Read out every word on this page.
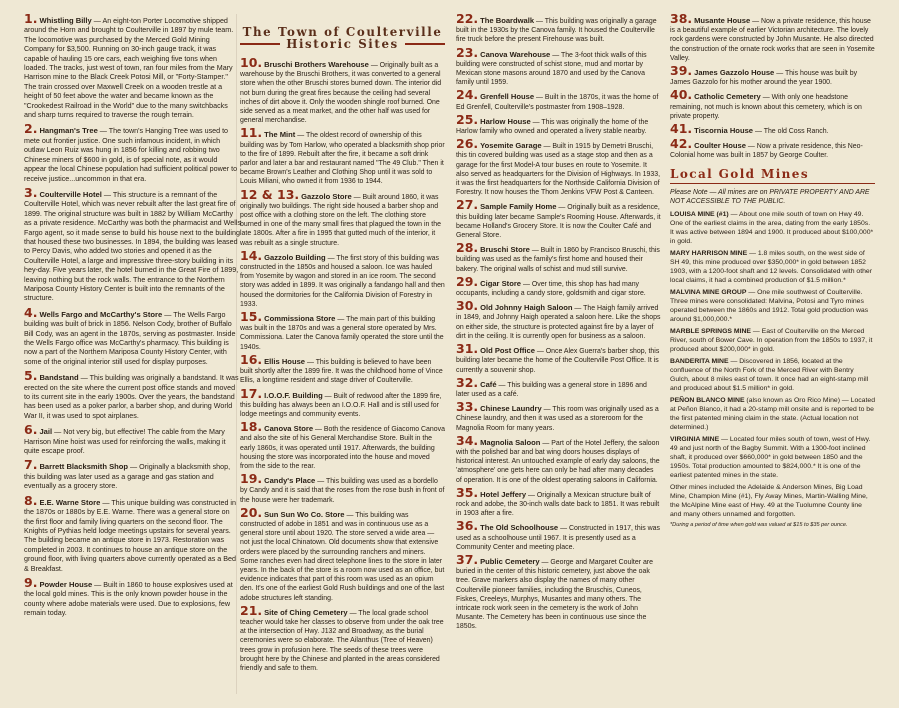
1. Whistling Billy — An eight-ton Porter Locomotive shipped around the Horn and brought to Coulterville in 1897 by mule team. The locomotive was purchased by the Merced Gold Mining Company for $3,500. Running on 30-inch gauge track, it was capable of hauling 15 ore cars, each weighing five tons when loaded. The tracks, just west of town, ran four miles from the Mary Harrison mine to the Black Creek Potosi Mill, or "Forty-Stamper." The train crossed over Maxwell Creek on a wooden trestle at a height of 50 feet above the water and became known as the "Crookedest Railroad in the World" due to the many switchbacks and sharp turns required to traverse the rough terrain.

2. Hangman's Tree — The town's Hanging Tree was used to mete out frontier justice. One such infamous incident, in which outlaw Leon Ruiz was hung in 1856 for killing and robbing two Chinese miners of $600 in gold, is of special note, as it would appear the local Chinese population had sufficient political power to receive justice...uncommon in that era.

3. Coulterville Hotel — This structure is a remnant of the Coulterville Hotel, which was never rebuilt after the last great fire of 1899. The original structure was built in 1882 by William McCarthy as a private residence. McCarthy was both the pharmacist and Wells Fargo agent, so it made sense to build his house next to the building that housed these two businesses. In 1894, the building was leased to Percy Davis, who added two stories and opened it as the Coulterville Hotel, a large and impressive three-story building in its hey-day. Five years later, the hotel burned in the Great Fire of 1899, leaving nothing but the rock walls. The entrance to the Northern Mariposa County History Center is built into the remnants of the structure.

4. Wells Fargo and McCarthy's Store — The Wells Fargo building was built of brick in 1856. Nelson Cody, brother of Buffalo Bill Cody, was an agent in the 1870s, serving as postmaster. Inside the Wells Fargo office was McCarthy's pharmacy. This building is now a part of the Northern Mariposa County History Center, with some of the original interior still used for display purposes.

5. Bandstand — This building was originally a bandstand. It was erected on the site where the current post office stands and moved to its current site in the early 1900s. Over the years, the bandstand has been used as a poker parlor, a barber shop, and during World War II, it was used to spot airplanes.

6. Jail — Not very big, but effective! The cable from the Mary Harrison Mine hoist was used for reinforcing the walls, making it quite escape proof.

7. Barrett Blacksmith Shop — Originally a blacksmith shop, this building was later used as a garage and gas station and eventually as a grocery store.

8. E.E. Warne Store — This unique building was constructed in the 1870s or 1880s by E.E. Warne. There was a general store on the first floor and family living quarters on the second floor. The Knights of Pythias held lodge meetings upstairs for several years. The building became an antique store in 1973. Restoration was completed in 2003. It continues to house an antique store on the ground floor, with living quarters above currently operated as a Bed & Breakfast.

9. Powder House — Built in 1860 to house explosives used at the local gold mines. This is the only known powder house in the county where adobe materials were used. Due to explosions, few remain today.

The Town of Coulterville
Historic Sites

10. Bruschi Brothers Warehouse — Originally built as a warehouse by the Bruschi Brothers, it was converted to a general store when the other Bruschi stores burned down. The interior did not burn during the great fires because the ceiling had several inches of dirt above it. Only the wooden shingle roof burned. One side served as a meat market, and the other half was used for general merchandise.

11. The Mint — The oldest record of ownership of this building was by Tom Harlow, who operated a blacksmith shop prior to the fire of 1899. Rebuilt after the fire, it became a soft drink parlor and later a bar and restaurant named "The 49 Club." Then it became Brown's Leather and Clothing Shop until it was sold to Louis Miliani, who owned it from 1936 to 1944.

12 & 13. Gazzolo Store — Built around 1860, it was originally two buildings. The right side housed a barber shop and post office with a clothing store on the left. The clothing store burned in one of the many small fires that plagued the town in the late 1800s. After a fire in 1995 that gutted much of the interior, it was rebuilt as a single structure.

14. Gazzolo Building — The first story of this building was constructed in the 1850s and housed a saloon. Ice was hauled from Yosemite by wagon and stored in an ice room. The second story was added in 1899. It was originally a fandango hall and then housed the dormitories for the California Division of Forestry in 1933.

15. Commissiona Store — The main part of this building was built in the 1870s and was a general store operated by Mrs. Commissiona. Later the Canova family operated the store until the 1940s.

16. Ellis House — This building is believed to have been built shortly after the 1899 fire. It was the childhood home of Vince Ellis, a longtime resident and stage driver of Coulterville.

17. I.O.O.F. Building — Built of redwood after the 1899 fire, this building has always been an I.O.O.F. Hall and is still used for lodge meetings and community events.

18. Canova Store — Both the residence of Giacomo Canova and also the site of his General Merchandise Store. Built in the early 1860s, it was operated until 1917. Afterwards, the building housing the store was incorporated into the house and moved from the side to the rear.

19. Candy's Place — This building was used as a bordello by Candy and it is said that the roses from the rose bush in front of the house were her trademark.

20. Sun Sun Wo Co. Store — This building was constructed of adobe in 1851 and was in continuous use as a general store until about 1920. The store served a wide area — not just the local Chinatown. Old documents show that extensive orders were placed by the surrounding ranchers and miners. Some ranches even had direct telephone lines to the store in later years. In the back of the store is a room now used as an office, but evidence indicates that part of this room was used as an opium den. It's one of the earliest Gold Rush buildings and one of the last adobe structures left standing.

21. Site of Ching Cemetery — The local grade school teacher would take her classes to observe from under the oak tree at the intersection of Hwy. J132 and Broadway, as the burial ceremonies were so elaborate. The Ailanthus (Tree of Heaven) trees grow in profusion here. The seeds of these trees were brought here by the Chinese and planted in the areas considered friendly and safe to them.

22. The Boardwalk — This building was originally a garage built in the 1930s by the Canova family. It housed the Coulterville fire truck before the present Firehouse was built.

23. Canova Warehouse — The 3-foot thick walls of this building were constructed of schist stone, mud and mortar by Mexican stone masons around 1870 and used by the Canova family until 1959.

24. Grenfell House — Built in the 1870s, it was the home of Ed Grenfell, Coulterville's postmaster from 1908–1928.

25. Harlow House — This was originally the home of the Harlow family who owned and operated a livery stable nearby.

26. Yosemite Garage — Built in 1915 by Demetri Bruschi, this tin covered building was used as a stage stop and then as a garage for the first Model-A tour buses en route to Yosemite. It also served as headquarters for the Division of Highways. In 1933, it was the first headquarters for the Northside California Division of Forestry. It now houses the Thom Jenkins VFW Post & Canteen.

27. Sample Family Home — Originally built as a residence, this building later became Sample's Rooming House. Afterwards, it became Holland's Grocery Store. It is now the Coulter Café and General Store.

28. Bruschi Store — Built in 1860 by Francisco Bruschi, this building was used as the family's first home and housed their bakery. The original walls of schist and mud still survive.

29. Cigar Store — Over time, this shop has had many occupants, including a candy store, goldsmith and cigar store.

30. Old Johnny Haigh Saloon — The Haigh family arrived in 1849, and Johnny Haigh operated a saloon here. Like the shops on either side, the structure is protected against fire by a layer of dirt in the ceiling. It is currently open for business as a saloon.

31. Old Post Office — Once Alex Guerra's barber shop, this building later became the home of the Coulterville Post Office. It is currently a souvenir shop.

32. Café — This building was a general store in 1896 and later used as a café.

33. Chinese Laundry — This room was originally used as a Chinese laundry, and then it was used as a storeroom for the Magnolia Room for many years.

34. Magnolia Saloon — Part of the Hotel Jeffery, the saloon with the polished bar and bat wing doors houses displays of historical interest. An untouched example of early day saloons, the 'atmosphere' one gets here can only be had after many decades of operation. It is one of the oldest operating saloons in California.

35. Hotel Jeffery — Originally a Mexican structure built of rock and adobe, the 30-inch walls date back to 1851. It was rebuilt in 1903 after a fire.

36. The Old Schoolhouse — Constructed in 1917, this was used as a schoolhouse until 1967. It is presently used as a Community Center and meeting place.

37. Public Cemetery — George and Margaret Coulter are buried in the center of this historic cemetery, just above the oak tree. Grave markers also display the names of many other Coulterville pioneer families, including the Bruschis, Cuneos, Fiskes, Creeleys, Murphys, Musantes and many others. The intricate rock work seen in the cemetery is the work of John Musante. The Cemetery has been in continuous use since the 1850s.

38. Musante House — Now a private residence, this house is a beautiful example of earlier Victorian architecture. The lovely rock gardens were constructed by John Musante. He also directed the construction of the ornate rock works that are seen in Yosemite Valley.

39. James Gazzolo House — This house was built by James Gazzolo for his mother around the year 1900.

40. Catholic Cemetery — With only one headstone remaining, not much is known about this cemetery, which is on private property.

41. Tiscornia House — The old Coss Ranch.

42. Coulter House — Now a private residence, this Neo-Colonial home was built in 1857 by George Coulter.

Local Gold Mines
Please Note — All mines are on PRIVATE PROPERTY AND ARE NOT ACCESSIBLE TO THE PUBLIC.

LOUISA MINE (#1) — About one mile south of town on Hwy 49. One of the earliest claims in the area, dating from the early 1850s. It was active between 1894 and 1900. It produced about $100,000* in gold.

MARY HARRISON MINE — 1.8 miles south, on the west side of SH 49, this mine produced over $350,000* in gold between 1852 1903, with a 1200-foot shaft and 12 levels. Consolidated with other local claims, it had a combined production of $1.5 million.*

MALVINA MINE GROUP — One mile southwest of Coulterville. Three mines were consolidated: Malvina, Potosi and Tyro mines operated between the 1860s and 1912. Total gold production was around $1,000,000.*

MARBLE SPRINGS MINE — East of Coulterville on the Merced River, south of Bower Cave. In operation from the 1850s to 1937, it produced about $200,000* in gold.

BANDERITA MINE — Discovered in 1856, located at the confluence of the North Fork of the Merced River with Bentry Gulch, about 8 miles east of town. It once had an eight-stamp mill and produced about $1.5 million* in gold.

PEÑON BLANCO MINE (also known as Oro Rico Mine) — Located at Peñon Blanco, it had a 20-stamp mill onsite and is reported to be the first patented mining claim in the state. (Actual location not determined.)

VIRGINIA MINE — Located four miles south of town, west of Hwy. 49 and just north of the Bagby Summit. With a 1300-foot inclined shaft, it produced over $660,000* in gold between 1850 and the 1950s. Total production amounted to $824,000.* It is one of the earliest patented mines in the state.

Other mines included the Adelaide & Anderson Mines, Big Load Mine, Champion Mine (#1), Fly Away Mines, Martin-Walling Mine, the McAlpine Mine east of Hwy. 49 at the Tuolumne County line and many others unnamed and forgotten.
*During a period of time when gold was valued at $15 to $35 per ounce.
